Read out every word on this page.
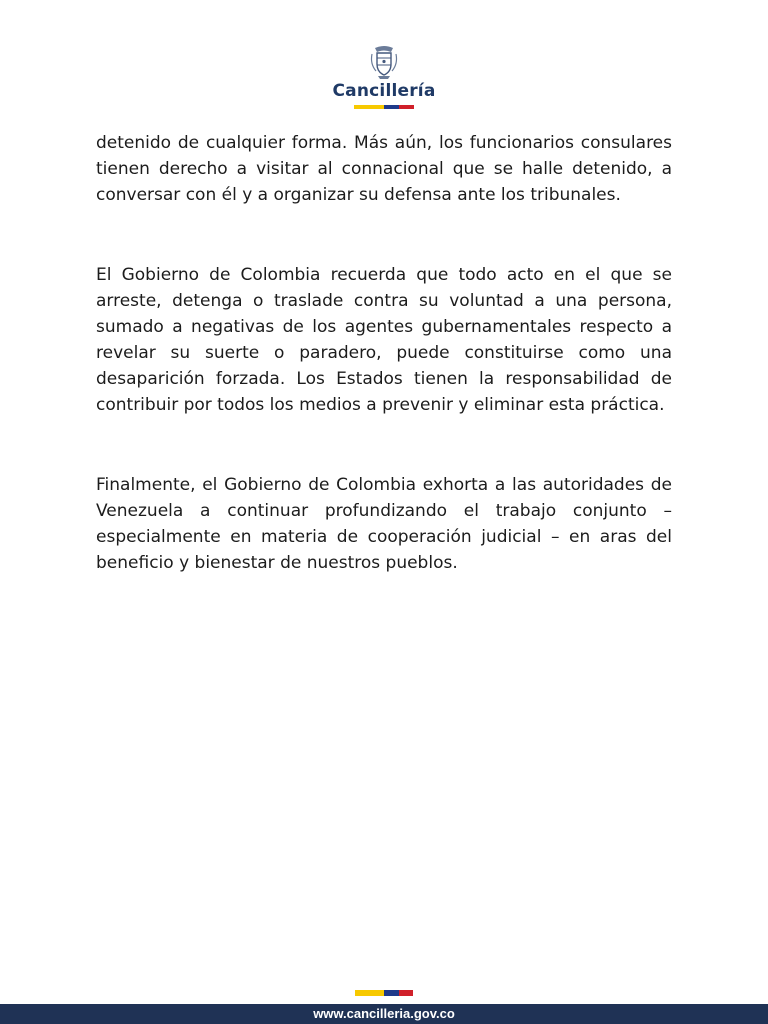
Cancillería

detenido de cualquier forma. Más aún, los funcionarios consulares tienen derecho a visitar al connacional que se halle detenido, a conversar con él y a organizar su defensa ante los tribunales.

El Gobierno de Colombia recuerda que todo acto en el que se arreste, detenga o traslade contra su voluntad a una persona, sumado a negativas de los agentes gubernamentales respecto a revelar su suerte o paradero, puede constituirse como una desaparición forzada. Los Estados tienen la responsabilidad de contribuir por todos los medios a prevenir y eliminar esta práctica.

Finalmente, el Gobierno de Colombia exhorta a las autoridades de Venezuela a continuar profundizando el trabajo conjunto – especialmente en materia de cooperación judicial – en aras del beneficio y bienestar de nuestros pueblos.

www.cancilleria.gov.co
